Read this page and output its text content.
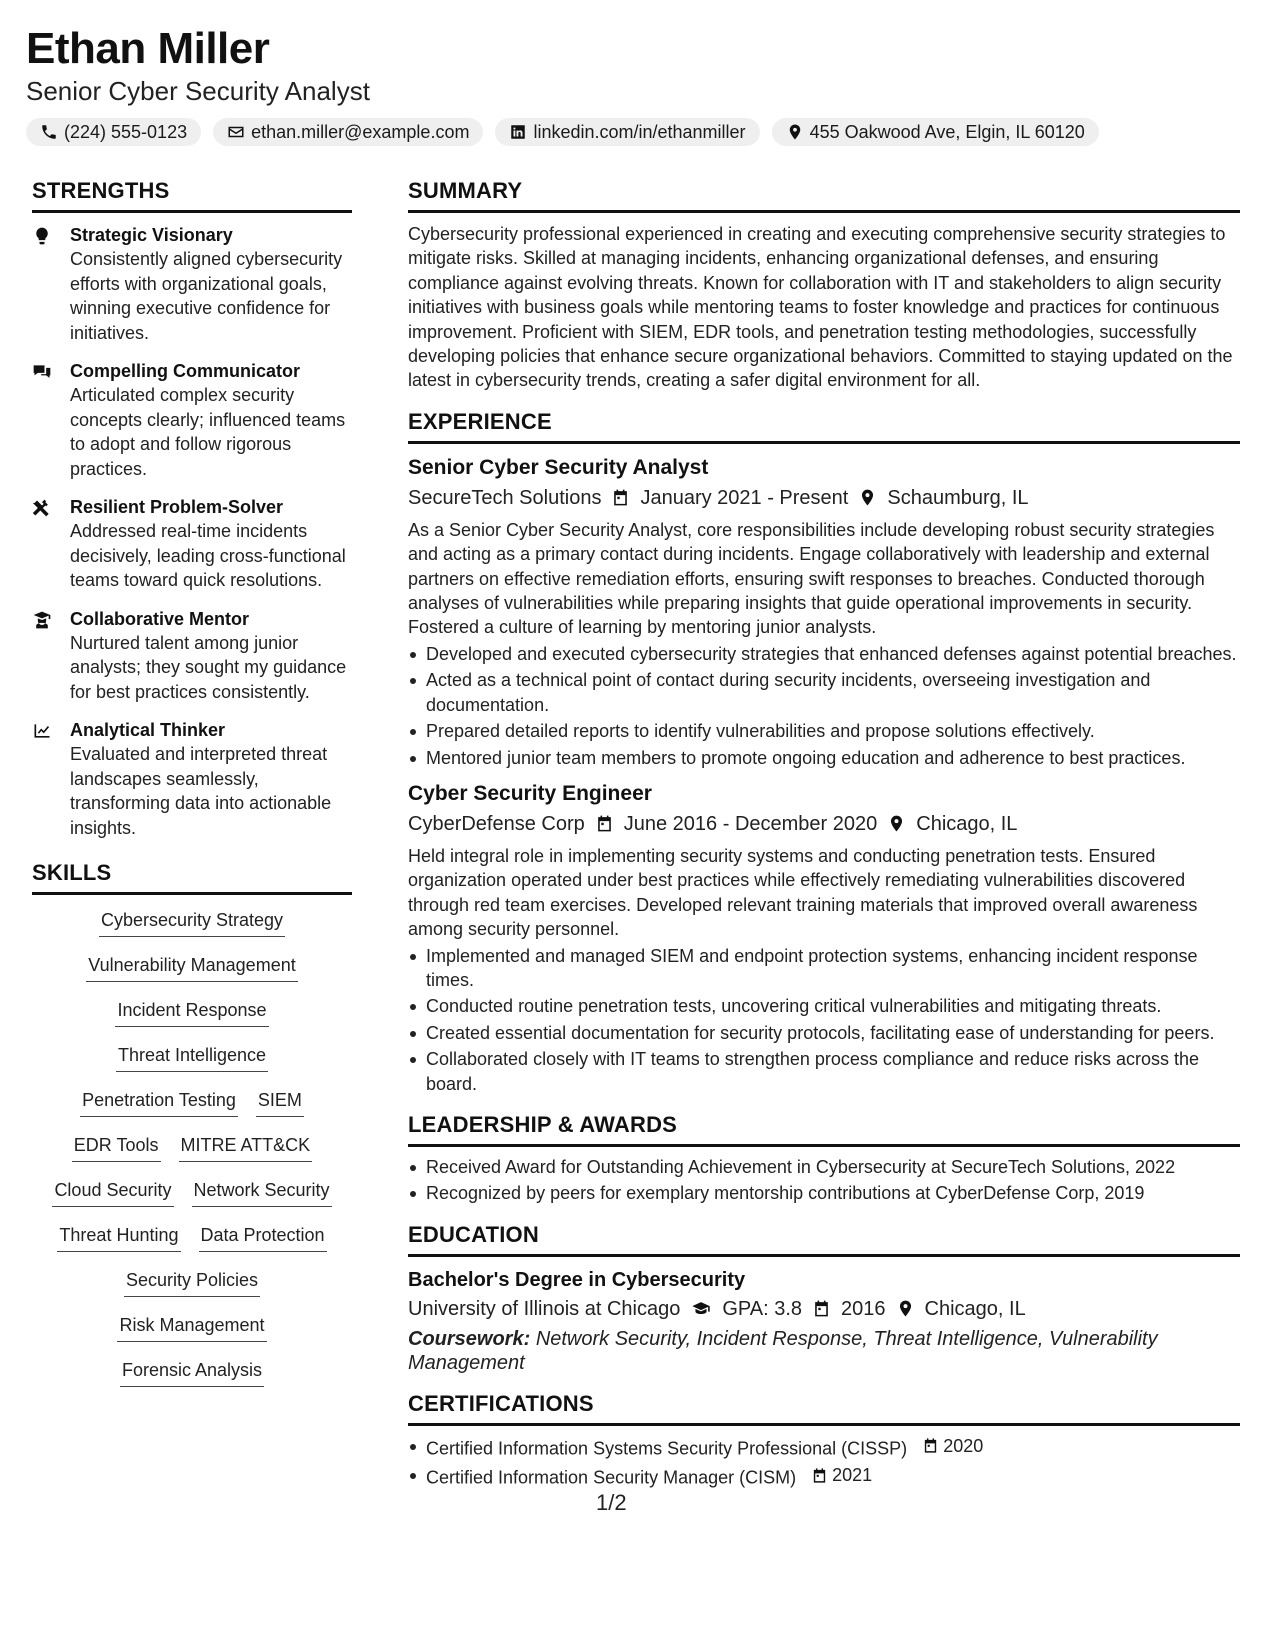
Ethan Miller
Senior Cyber Security Analyst
(224) 555-0123	ethan.miller@example.com	linkedin.com/in/ethanmiller	455 Oakwood Ave, Elgin, IL 60120
STRENGTHS
Strategic Visionary
Consistently aligned cybersecurity efforts with organizational goals, winning executive confidence for initiatives.
Compelling Communicator
Articulated complex security concepts clearly; influenced teams to adopt and follow rigorous practices.
Resilient Problem-Solver
Addressed real-time incidents decisively, leading cross-functional teams toward quick resolutions.
Collaborative Mentor
Nurtured talent among junior analysts; they sought my guidance for best practices consistently.
Analytical Thinker
Evaluated and interpreted threat landscapes seamlessly, transforming data into actionable insights.
SKILLS
Cybersecurity Strategy
Vulnerability Management
Incident Response
Threat Intelligence
Penetration Testing SIEM
EDR Tools MITRE ATT&CK
Cloud Security Network Security
Threat Hunting Data Protection
Security Policies
Risk Management
Forensic Analysis
SUMMARY
Cybersecurity professional experienced in creating and executing comprehensive security strategies to mitigate risks. Skilled at managing incidents, enhancing organizational defenses, and ensuring compliance against evolving threats. Known for collaboration with IT and stakeholders to align security initiatives with business goals while mentoring teams to foster knowledge and practices for continuous improvement. Proficient with SIEM, EDR tools, and penetration testing methodologies, successfully developing policies that enhance secure organizational behaviors. Committed to staying updated on the latest in cybersecurity trends, creating a safer digital environment for all.
EXPERIENCE
Senior Cyber Security Analyst
SecureTech Solutions January 2021 - Present Schaumburg, IL
As a Senior Cyber Security Analyst, core responsibilities include developing robust security strategies and acting as a primary contact during incidents. Engage collaboratively with leadership and external partners on effective remediation efforts, ensuring swift responses to breaches. Conducted thorough analyses of vulnerabilities while preparing insights that guide operational improvements in security. Fostered a culture of learning by mentoring junior analysts.
Developed and executed cybersecurity strategies that enhanced defenses against potential breaches.
Acted as a technical point of contact during security incidents, overseeing investigation and documentation.
Prepared detailed reports to identify vulnerabilities and propose solutions effectively.
Mentored junior team members to promote ongoing education and adherence to best practices.
Cyber Security Engineer
CyberDefense Corp June 2016 - December 2020 Chicago, IL
Held integral role in implementing security systems and conducting penetration tests. Ensured organization operated under best practices while effectively remediating vulnerabilities discovered through red team exercises. Developed relevant training materials that improved overall awareness among security personnel.
Implemented and managed SIEM and endpoint protection systems, enhancing incident response times.
Conducted routine penetration tests, uncovering critical vulnerabilities and mitigating threats.
Created essential documentation for security protocols, facilitating ease of understanding for peers.
Collaborated closely with IT teams to strengthen process compliance and reduce risks across the board.
LEADERSHIP & AWARDS
Received Award for Outstanding Achievement in Cybersecurity at SecureTech Solutions, 2022
Recognized by peers for exemplary mentorship contributions at CyberDefense Corp, 2019
EDUCATION
Bachelor's Degree in Cybersecurity
University of Illinois at Chicago GPA: 3.8 2016 Chicago, IL
Coursework: Network Security, Incident Response, Threat Intelligence, Vulnerability Management
CERTIFICATIONS
Certified Information Systems Security Professional (CISSP) 2020
Certified Information Security Manager (CISM) 2021
1/2
